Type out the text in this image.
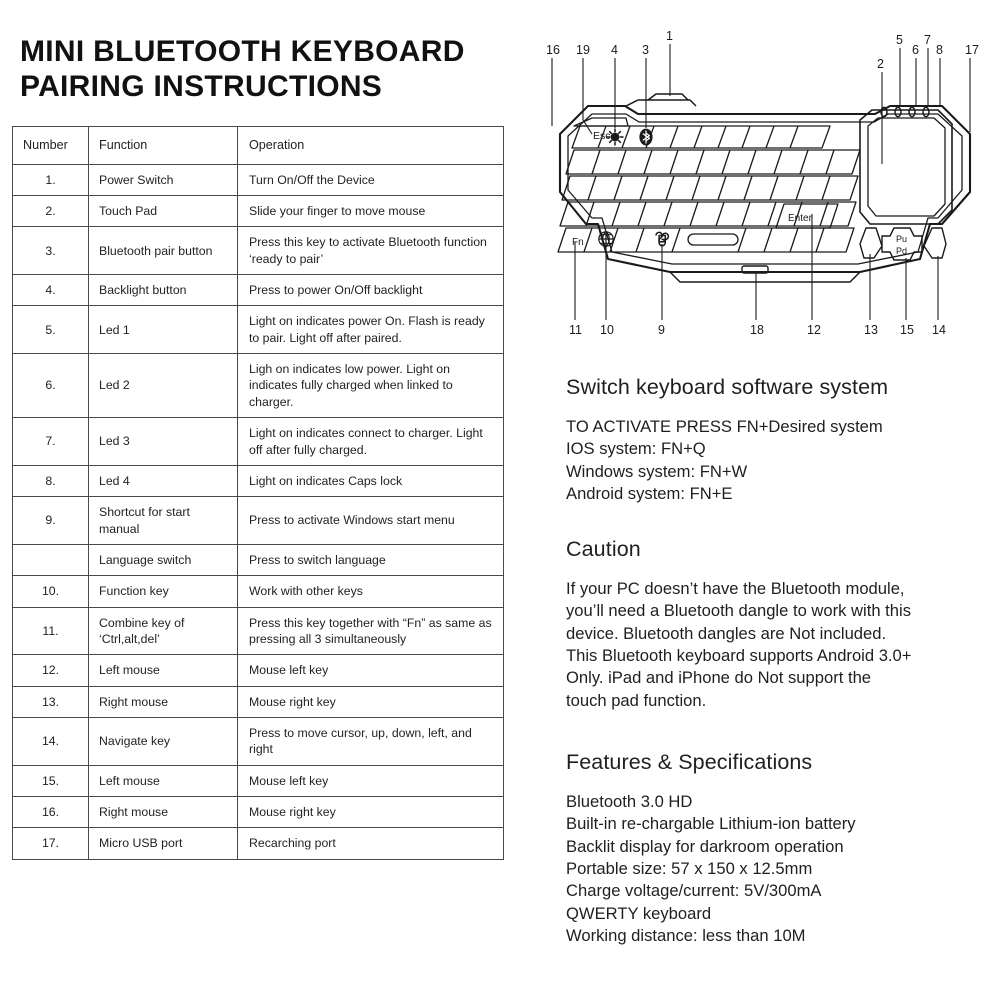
MINI BLUETOOTH KEYBOARD
PAIRING INSTRUCTIONS
Number	Function	Operation
1.	Power Switch	Turn On/Off the Device
2.	Touch Pad	Slide your finger to move mouse
3.	Bluetooth pair button	Press this key to activate Bluetooth function ‘ready to pair’
4.	Backlight button	Press to power On/Off backlight
5.	Led 1	Light on indicates power On. Flash is ready to pair. Light off after paired.
6.	Led 2	Ligh on indicates low power. Light on indicates fully charged when linked to charger.
7.	Led 3	Light on indicates connect to charger. Light off after fully charged.
8.	Led 4	Light on indicates Caps lock
9.	Shortcut for start manual	Press to activate Windows start menu
	Language switch	Press to switch language
10.	Function key	Work with other keys
11.	Combine key of ‘Ctrl,alt,del’	Press this key together with “Fn” as same as pressing all 3 simultaneously
12.	Left mouse	Mouse left key
13.	Right mouse	Mouse right key
14.	Navigate key	Press to move cursor, up, down, left, and right
15.	Left mouse	Mouse left key
16.	Right mouse	Mouse right key
17.	Micro USB port	Recarching port
Esc
Fn
Enter
Pu
Pd
16 19 4 3
1
2
5
6
7
8 17
11 10	9	18	12	13 15 14
Switch keyboard software system
TO ACTIVATE PRESS FN+Desired system
IOS system: FN+Q
Windows system: FN+W
Android system: FN+E
Caution
If your PC doesn’t have the Bluetooth module,
you’ll need a Bluetooth dangle to work with this
device. Bluetooth dangles are Not included.
This Bluetooth keyboard supports Android 3.0+
Only. iPad and iPhone do Not support the
touch pad function.
Features & Specifications
Bluetooth 3.0 HD
Built-in re-chargable Lithium-ion battery
Backlit display for darkroom operation
Portable size: 57 x 150 x 12.5mm
Charge voltage/current: 5V/300mA
QWERTY keyboard
Working distance: less than 10M
